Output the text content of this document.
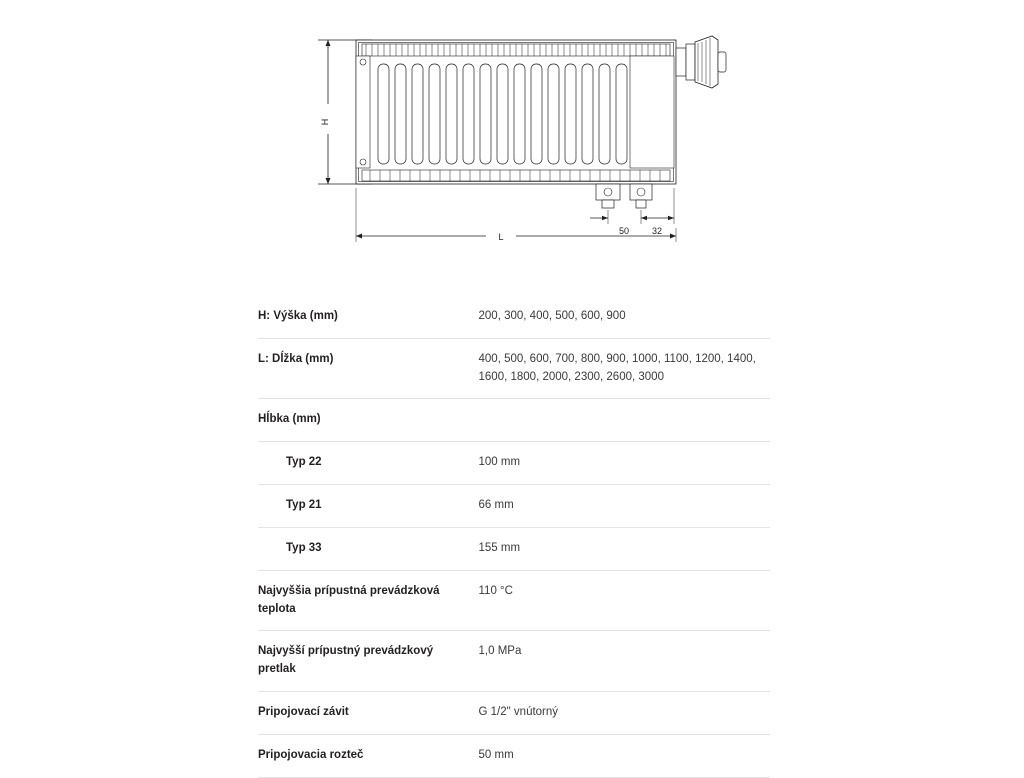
H
L
50	32
H: Výška (mm)	200, 300, 400, 500, 600, 900
L: Dĺžka (mm)	400, 500, 600, 700, 800, 900, 1000, 1100, 1200, 1400, 1600, 1800, 2000, 2300, 2600, 3000
Hĺbka (mm)	
Typ 22	100 mm
Typ 21	66 mm
Typ 33	155 mm
Najvyššia prípustná prevádzková teplota	110 °C
Najvyšší prípustný prevádzkový pretlak	1,0 MPa
Pripojovací závit	G 1/2" vnútorný
Pripojovacia rozteč	50 mm
